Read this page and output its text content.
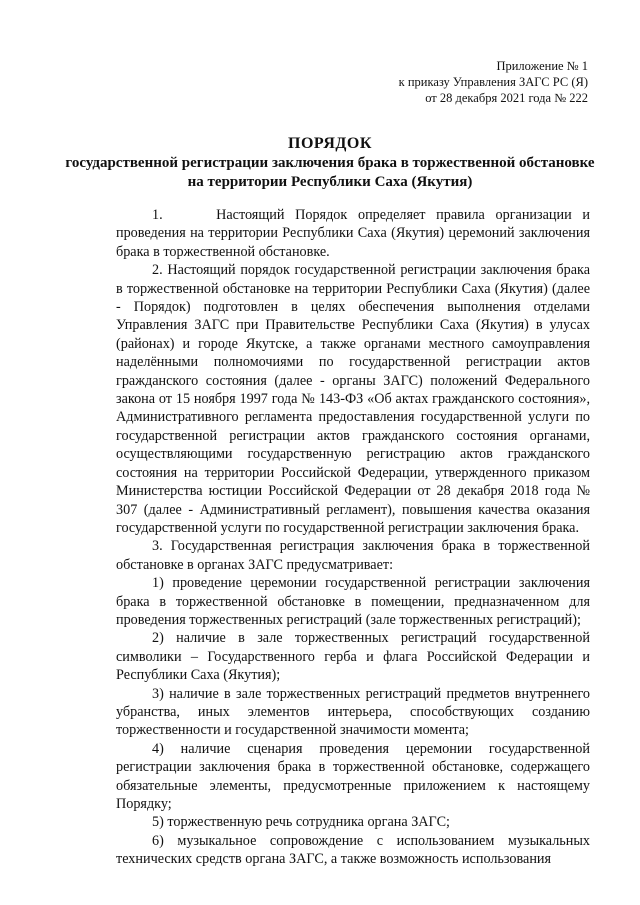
Приложение № 1
к приказу Управления ЗАГС РС (Я)
от 28 декабря 2021 года № 222
ПОРЯДОК
государственной регистрации заключения брака в торжественной обстановке на территории Республики Саха (Якутия)

1.     Настоящий Порядок определяет правила организации и проведения на территории Республики Саха (Якутия) церемоний заключения брака в торжественной обстановке.

2. Настоящий порядок государственной регистрации заключения брака в торжественной обстановке на территории Республики Саха (Якутия) (далее - Порядок) подготовлен в целях обеспечения выполнения отделами Управления ЗАГС при Правительстве Республики Саха (Якутия) в улусах (районах) и городе Якутске, а также органами местного самоуправления наделёнными полномочиями по государственной регистрации актов гражданского состояния (далее - органы ЗАГС) положений Федерального закона от 15 ноября 1997 года № 143-ФЗ «Об актах гражданского состояния», Административного регламента предоставления государственной услуги по государственной регистрации актов гражданского состояния органами, осуществляющими государственную регистрацию актов гражданского состояния на территории Российской Федерации, утвержденного приказом Министерства юстиции Российской Федерации от 28 декабря 2018 года № 307 (далее - Административный регламент), повышения качества оказания государственной услуги по государственной регистрации заключения брака.

3. Государственная регистрация заключения брака в торжественной обстановке в органах ЗАГС предусматривает:

1) проведение церемонии государственной регистрации заключения брака в торжественной обстановке в помещении, предназначенном для проведения торжественных регистраций (зале торжественных регистраций);

2) наличие в зале торжественных регистраций государственной символики – Государственного герба и флага Российской Федерации и Республики Саха (Якутия);

3) наличие в зале торжественных регистраций предметов внутреннего убранства, иных элементов интерьера, способствующих созданию торжественности и государственной значимости момента;

4) наличие сценария проведения церемонии государственной регистрации заключения брака в торжественной обстановке, содержащего обязательные элементы, предусмотренные приложением к настоящему Порядку;

5) торжественную речь сотрудника органа ЗАГС;

6) музыкальное сопровождение с использованием музыкальных технических средств органа ЗАГС, а также возможность использования
